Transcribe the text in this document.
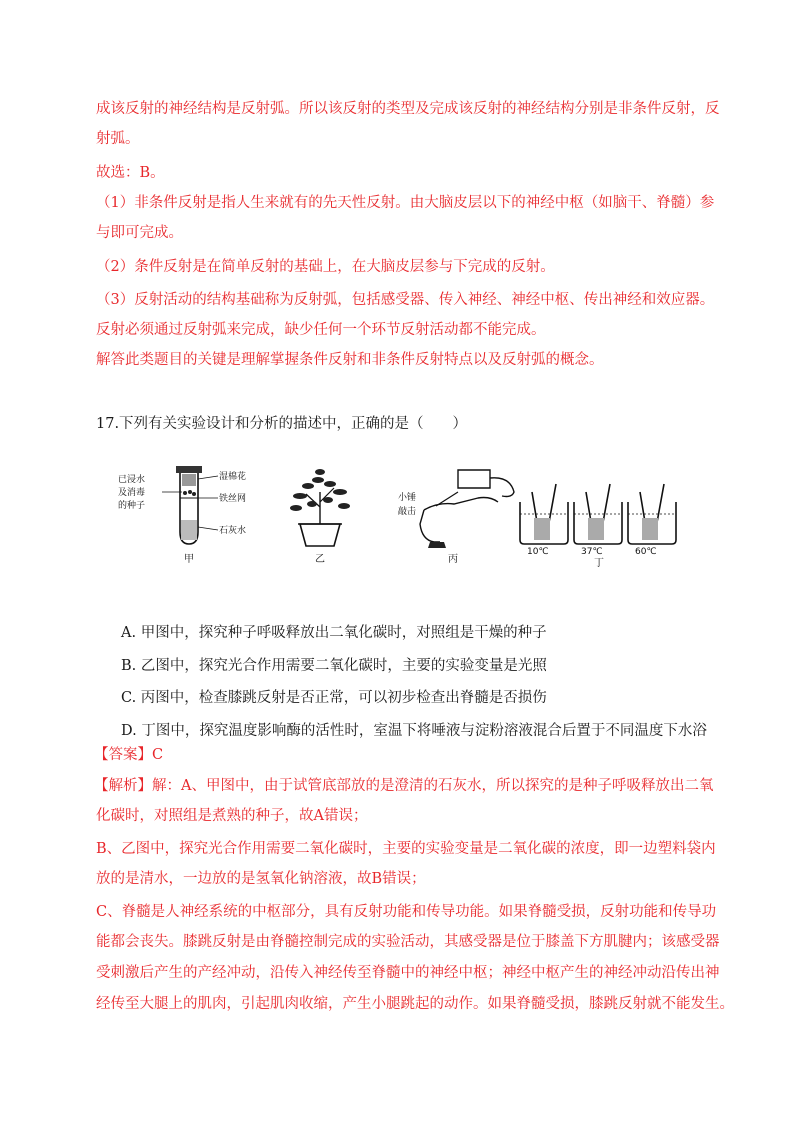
成该反射的神经结构是反射弧。所以该反射的类型及完成该反射的神经结构分别是非条件反射，反
射弧。
故选：B。
（1）非条件反射是指人生来就有的先天性反射。由大脑皮层以下的神经中枢（如脑干、脊髓）参
与即可完成。
（2）条件反射是在简单反射的基础上，在大脑皮层参与下完成的反射。
（3）反射活动的结构基础称为反射弧，包括感受器、传入神经、神经中枢、传出神经和效应器。
反射必须通过反射弧来完成，缺少任何一个环节反射活动都不能完成。
解答此类题目的关键是理解掌握条件反射和非条件反射特点以及反射弧的概念。
17.下列有关实验设计和分析的描述中，正确的是（　　）
已浸水
及消毒
的种子
湿棉花
铁丝网
石灰水
甲	乙
小锤
敲击
丙
10℃	37℃	60℃
丁
A. 甲图中，探究种子呼吸释放出二氧化碳时，对照组是干燥的种子
B. 乙图中，探究光合作用需要二氧化碳时，主要的实验变量是光照
C. 丙图中，检查膝跳反射是否正常，可以初步检查出脊髓是否损伤
D. 丁图中，探究温度影响酶的活性时，室温下将唾液与淀粉溶液混合后置于不同温度下水浴
【答案】C
【解析】解：A、甲图中，由于试管底部放的是澄清的石灰水，所以探究的是种子呼吸释放出二氧
化碳时，对照组是煮熟的种子，故A错误；
B、乙图中，探究光合作用需要二氧化碳时，主要的实验变量是二氧化碳的浓度，即一边塑料袋内
放的是清水，一边放的是氢氧化钠溶液，故B错误；
C、脊髓是人神经系统的中枢部分，具有反射功能和传导功能。如果脊髓受损，反射功能和传导功
能都会丧失。膝跳反射是由脊髓控制完成的实验活动，其感受器是位于膝盖下方肌腱内；该感受器
受刺激后产生的产经冲动，沿传入神经传至脊髓中的神经中枢；神经中枢产生的神经冲动沿传出神
经传至大腿上的肌肉，引起肌肉收缩，产生小腿跳起的动作。如果脊髓受损，膝跳反射就不能发生。
